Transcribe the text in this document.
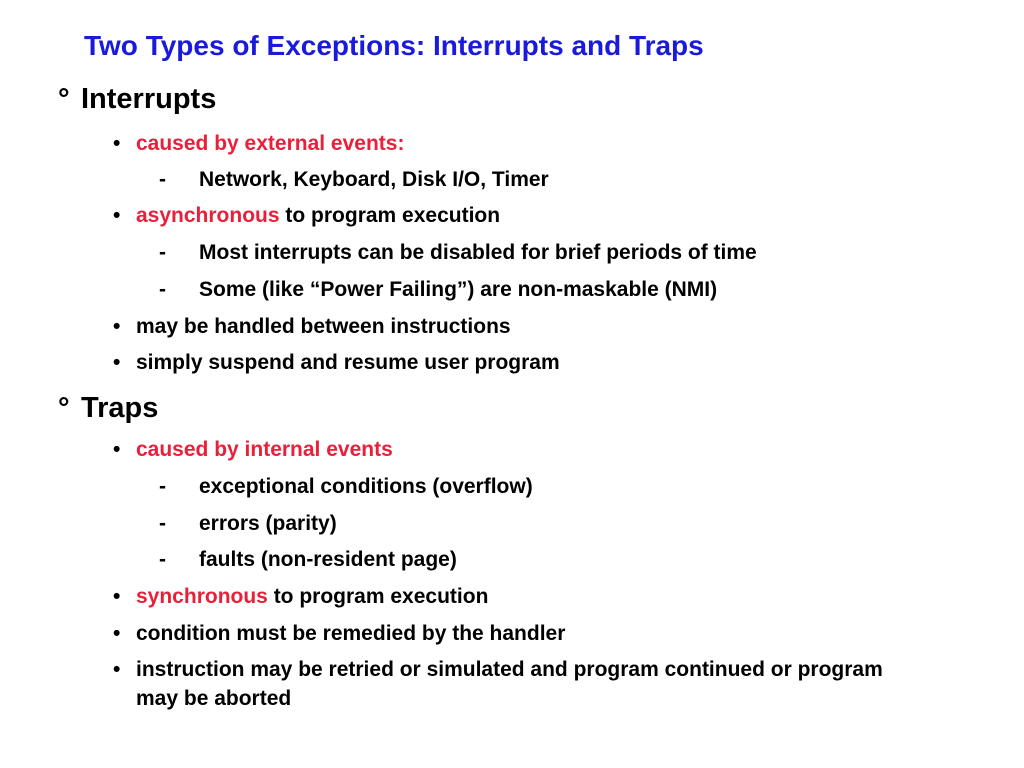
Two Types of Exceptions: Interrupts and Traps
° Interrupts
• caused by external events:
- Network, Keyboard, Disk I/O, Timer
• asynchronous to program execution
- Most interrupts can be disabled for brief periods of time
- Some (like “Power Failing”) are non-maskable (NMI)
• may be handled between instructions
• simply suspend and resume user program
° Traps
• caused by internal events
- exceptional conditions (overflow)
- errors (parity)
- faults (non-resident page)
• synchronous to program execution
• condition must be remedied by the handler
• instruction may be retried or simulated and program continued or program may be aborted
